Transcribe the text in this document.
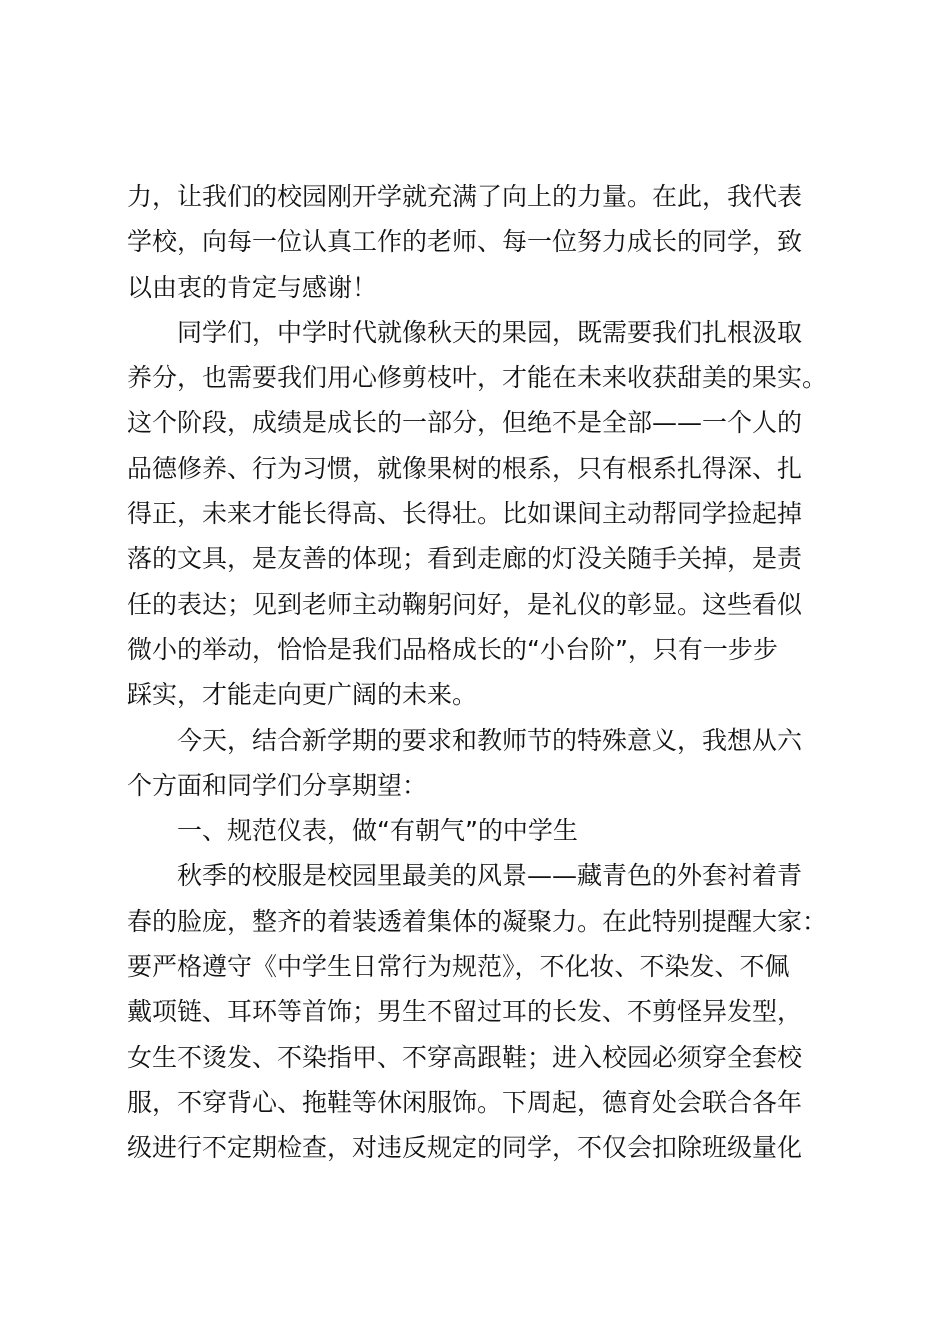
力，让我们的校园刚开学就充满了向上的力量。在此，我代表
学校，向每一位认真工作的老师、每一位努力成长的同学，致
以由衷的肯定与感谢！
同学们，中学时代就像秋天的果园，既需要我们扎根汲取
养分，也需要我们用心修剪枝叶，才能在未来收获甜美的果实。
这个阶段，成绩是成长的一部分，但绝不是全部——一个人的
品德修养、行为习惯，就像果树的根系，只有根系扎得深、扎
得正，未来才能长得高、长得壮。比如课间主动帮同学捡起掉
落的文具，是友善的体现；看到走廊的灯没关随手关掉，是责
任的表达；见到老师主动鞠躬问好，是礼仪的彰显。这些看似
微小的举动，恰恰是我们品格成长的“小台阶”，只有一步步
踩实，才能走向更广阔的未来。
今天，结合新学期的要求和教师节的特殊意义，我想从六
个方面和同学们分享期望：
一、规范仪表，做“有朝气”的中学生
秋季的校服是校园里最美的风景——藏青色的外套衬着青
春的脸庞，整齐的着装透着集体的凝聚力。在此特别提醒大家：
要严格遵守《中学生日常行为规范》，不化妆、不染发、不佩
戴项链、耳环等首饰；男生不留过耳的长发、不剪怪异发型，
女生不烫发、不染指甲、不穿高跟鞋；进入校园必须穿全套校
服，不穿背心、拖鞋等休闲服饰。下周起，德育处会联合各年
级进行不定期检查，对违反规定的同学，不仅会扣除班级量化
